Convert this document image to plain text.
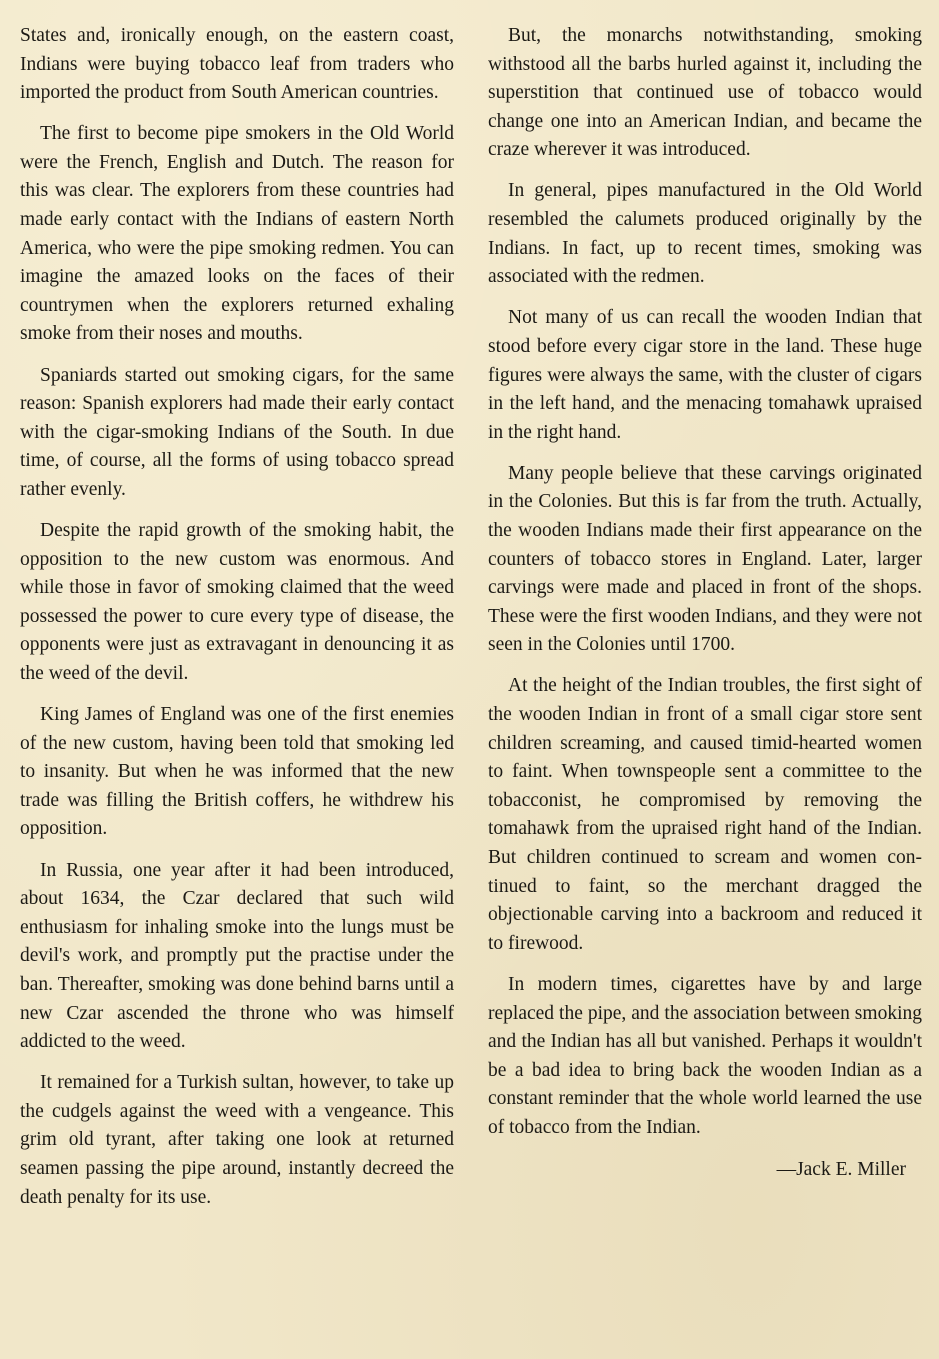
States and, ironically enough, on the eastern coast, Indians were buying tobacco leaf from traders who imported the product from South American countries.

The first to become pipe smokers in the Old World were the French, English and Dutch. The reason for this was clear. The explorers from these countries had made early contact with the Indians of eastern North America, who were the pipe smoking redmen. You can imagine the amazed looks on the faces of their countrymen when the explorers returned exhaling smoke from their noses and mouths.

Spaniards started out smoking cigars, for the same reason: Spanish explorers had made their early contact with the cigar-smoking Indians of the South. In due time, of course, all the forms of using tobacco spread rather evenly.

Despite the rapid growth of the smoking habit, the opposition to the new custom was enormous. And while those in favor of smoking claimed that the weed possessed the power to cure every type of disease, the opponents were just as extravagant in denouncing it as the weed of the devil.

King James of England was one of the first enemies of the new custom, having been told that smoking led to insanity. But when he was informed that the new trade was filling the British coffers, he withdrew his opposition.

In Russia, one year after it had been introduced, about 1634, the Czar declared that such wild enthusiasm for inhaling smoke into the lungs must be devil's work, and promptly put the practise under the ban. Thereafter, smoking was done behind barns until a new Czar ascended the throne who was himself addicted to the weed.

It remained for a Turkish sultan, however, to take up the cudgels against the weed with a vengeance. This grim old tyrant, after taking one look at returned seamen passing the pipe around, instantly decreed the death penalty for its use.

But, the monarchs notwithstanding, smoking withstood all the barbs hurled against it, including the superstition that continued use of tobacco would change one into an American Indian, and became the craze wherever it was introduced.

In general, pipes manufactured in the Old World resembled the calumets produced originally by the Indians. In fact, up to recent times, smoking was associated with the redmen.

Not many of us can recall the wooden Indian that stood before every cigar store in the land. These huge figures were always the same, with the cluster of cigars in the left hand, and the menacing tomahawk upraised in the right hand.

Many people believe that these carvings originated in the Colonies. But this is far from the truth. Actually, the wooden Indians made their first appearance on the counters of tobacco stores in England. Later, larger carvings were made and placed in front of the shops. These were the first wooden Indians, and they were not seen in the Colonies until 1700.

At the height of the Indian troubles, the first sight of the wooden Indian in front of a small cigar store sent children screaming, and caused timid-hearted women to faint. When townspeople sent a committee to the tobacconist, he compromised by removing the tomahawk from the upraised right hand of the Indian. But children continued to scream and women continued to faint, so the merchant dragged the objectionable carving into a backroom and reduced it to firewood.

In modern times, cigarettes have by and large replaced the pipe, and the association between smoking and the Indian has all but vanished. Perhaps it wouldn't be a bad idea to bring back the wooden Indian as a constant reminder that the whole world learned the use of tobacco from the Indian.

—Jack E. Miller
